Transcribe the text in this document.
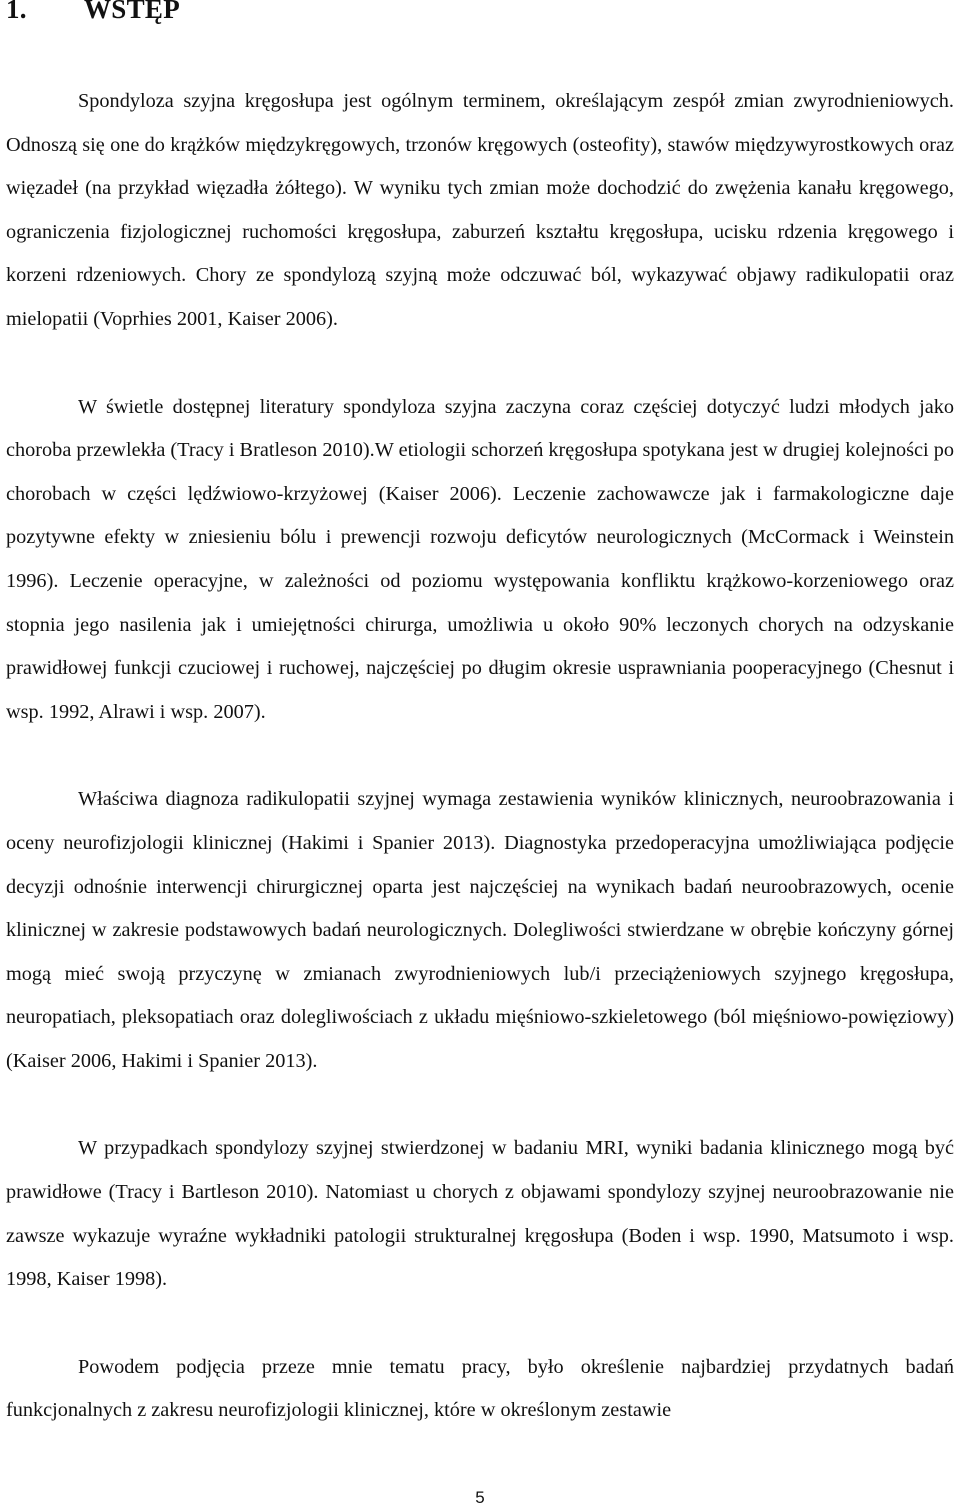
1. WSTĘP

Spondyloza szyjna kręgosłupa jest ogólnym terminem, określającym zespół zmian zwyrodnieniowych. Odnoszą się one do krążków międzykręgowych, trzonów kręgowych (osteofity), stawów międzywyrostkowych oraz więzadeł (na przykład więzadła żółtego). W wyniku tych zmian może dochodzić do zwężenia kanału kręgowego, ograniczenia fizjologicznej ruchomości kręgosłupa, zaburzeń kształtu kręgosłupa, ucisku rdzenia kręgowego i korzeni rdzeniowych. Chory ze spondylozą szyjną może odczuwać ból, wykazywać objawy radikulopatii oraz mielopatii (Voprhies 2001, Kaiser 2006).

W świetle dostępnej literatury spondyloza szyjna zaczyna coraz częściej dotyczyć ludzi młodych jako choroba przewlekła (Tracy i Bratleson 2010).W etiologii schorzeń kręgosłupa spotykana jest w drugiej kolejności po chorobach w części lędźwiowo-krzyżowej (Kaiser 2006). Leczenie zachowawcze jak i farmakologiczne daje pozytywne efekty w zniesieniu bólu i prewencji rozwoju deficytów neurologicznych (McCormack i Weinstein 1996). Leczenie operacyjne, w zależności od poziomu występowania konfliktu krążkowo-korzeniowego oraz stopnia jego nasilenia jak i umiejętności chirurga, umożliwia u około 90% leczonych chorych na odzyskanie prawidłowej funkcji czuciowej i ruchowej, najczęściej po długim okresie usprawniania pooperacyjnego (Chesnut i wsp. 1992, Alrawi i wsp. 2007).

Właściwa diagnoza radikulopatii szyjnej wymaga zestawienia wyników klinicznych, neuroobrazowania i oceny neurofizjologii klinicznej (Hakimi i Spanier 2013). Diagnostyka przedoperacyjna umożliwiająca podjęcie decyzji odnośnie interwencji chirurgicznej oparta jest najczęściej na wynikach badań neuroobrazowych, ocenie klinicznej w zakresie podstawowych badań neurologicznych. Dolegliwości stwierdzane w obrębie kończyny górnej mogą mieć swoją przyczynę w zmianach zwyrodnieniowych lub/i przeciążeniowych szyjnego kręgosłupa, neuropatiach, pleksopatiach oraz dolegliwościach z układu mięśniowo-szkieletowego (ból mięśniowo-powięziowy) (Kaiser 2006, Hakimi i Spanier 2013).

W przypadkach spondylozy szyjnej stwierdzonej w badaniu MRI, wyniki badania klinicznego mogą być prawidłowe (Tracy i Bartleson 2010). Natomiast u chorych z objawami spondylozy szyjnej neuroobrazowanie nie zawsze wykazuje wyraźne wykładniki patologii strukturalnej kręgosłupa (Boden i wsp. 1990, Matsumoto i wsp. 1998, Kaiser 1998).

Powodem podjęcia przeze mnie tematu pracy, było określenie najbardziej przydatnych badań funkcjonalnych z zakresu neurofizjologii klinicznej, które w określonym zestawie

5
